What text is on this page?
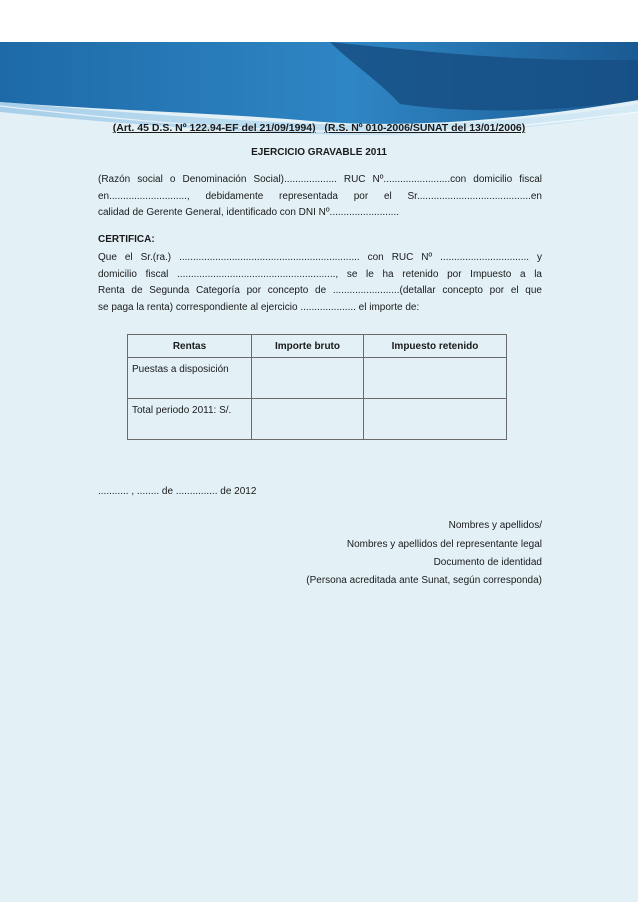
(Art. 45 D.S. Nº 122.94-EF del 21/09/1994) (R.S. Nº 010-2006/SUNAT del 13/01/2006)
EJERCICIO GRAVABLE 2011
(Razón social o Denominación Social)................... RUC Nº........................con domicilio fiscal
en............................, debidamente representada por el Sr.........................................en
calidad de Gerente General, identificado con DNI Nº.........................
CERTIFICA:
Que el Sr.(ra.) ................................................................. con RUC Nº ................................ y
domicilio fiscal ........................................................., se le ha retenido por Impuesto a la
Renta de Segunda Categoría por concepto de ........................(detallar concepto por el que
se paga la renta) correspondiente al ejercicio .................... el importe de:
Rentas	Importe bruto	Impuesto retenido
Puestas a disposición		
Total periodo 2011: S/.		
........... , ........ de ............... de 2012
Nombres y apellidos/
Nombres y apellidos del representante legal
Documento de identidad
(Persona acreditada ante Sunat, según corresponda)
